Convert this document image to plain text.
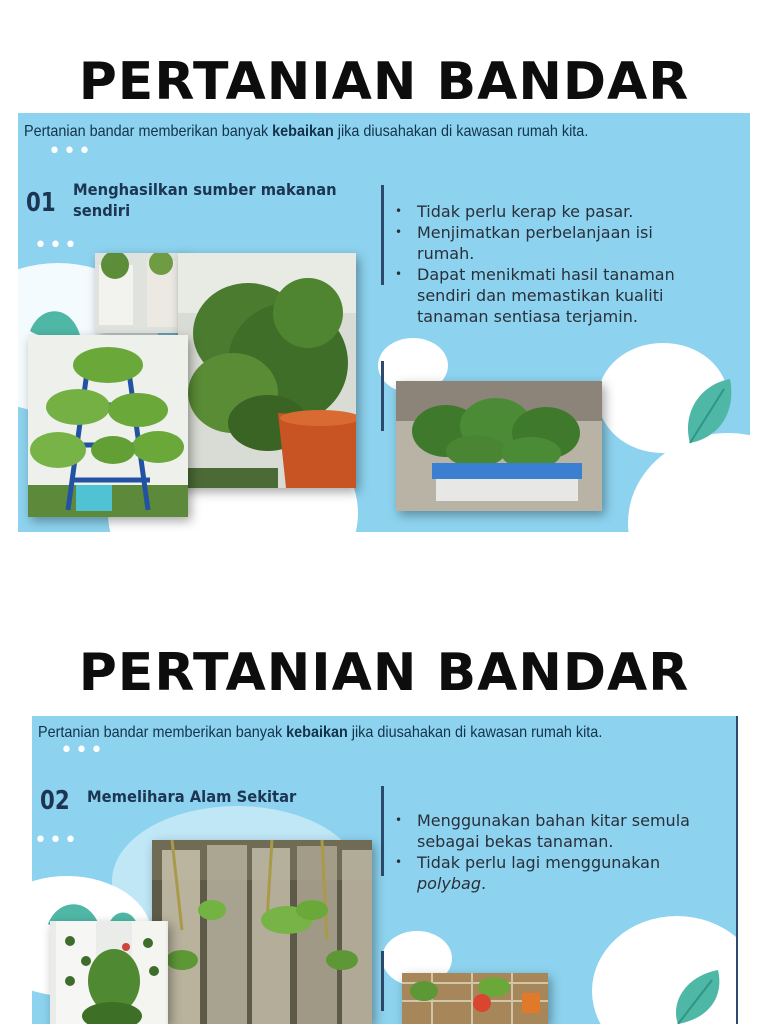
PERTANIAN BANDAR
Pertanian bandar memberikan banyak kebaikan jika diusahakan di kawasan rumah kita.
•••
01 Menghasilkan sumber makanan
sendiri
•••
• Tidak perlu kerap ke pasar.
• Menjimatkan perbelanjaan isi rumah.
• Dapat menikmati hasil tanaman sendiri dan memastikan kualiti tanaman sentiasa terjamin.
PERTANIAN BANDAR
Pertanian bandar memberikan banyak kebaikan jika diusahakan di kawasan rumah kita.
•••
02 Memelihara Alam Sekitar
•••
• Menggunakan bahan kitar semula sebagai bekas tanaman.
• Tidak perlu lagi menggunakan
polybag.
